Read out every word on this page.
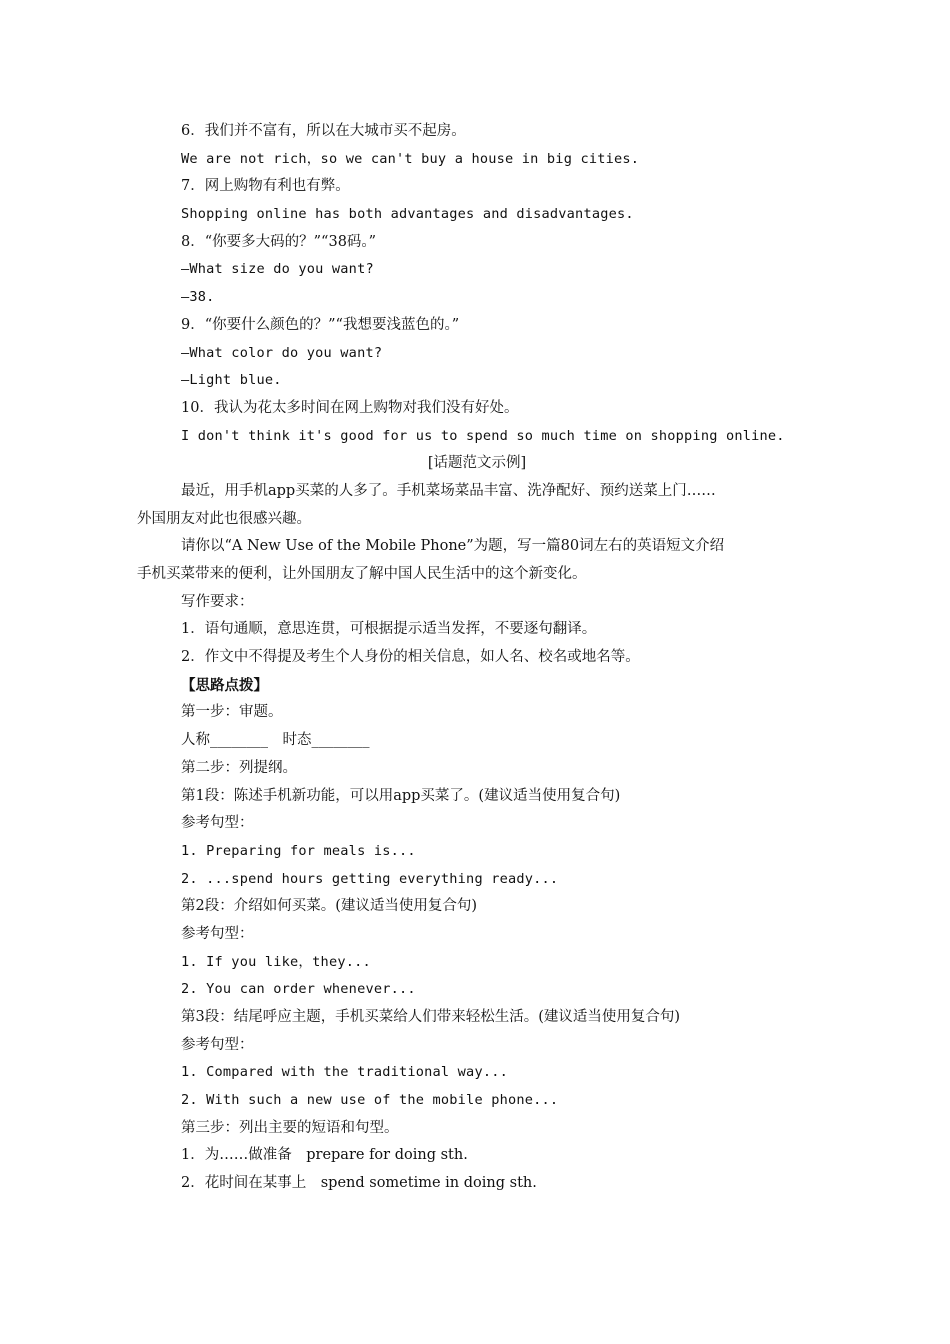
6．我们并不富有，所以在大城市买不起房。
We are not rich，so we can't buy a house in big cities.
7．网上购物有利也有弊。
Shopping online has both advantages and disadvantages.
8．“你要多大码的？”“38码。”
—What size do you want?
—38.
9．“你要什么颜色的？”“我想要浅蓝色的。”
—What color do you want?
—Light blue.
10．我认为花太多时间在网上购物对我们没有好处。
I don't think it's good for us to spend so much time on shopping online.
[话题范文示例]
最近，用手机app买菜的人多了。手机菜场菜品丰富、洗净配好、预约送菜上门……
外国朋友对此也很感兴趣。
请你以“A New Use of the Mobile Phone”为题，写一篇80词左右的英语短文介绍
手机买菜带来的便利，让外国朋友了解中国人民生活中的这个新变化。
写作要求：
1．语句通顺，意思连贯，可根据提示适当发挥，不要逐句翻译。
2．作文中不得提及考生个人身份的相关信息，如人名、校名或地名等。
【思路点拨】
第一步：审题。
人称________　时态________
第二步：列提纲。
第1段：陈述手机新功能，可以用app买菜了。(建议适当使用复合句)
参考句型：
1. Preparing for meals is...
2. ...spend hours getting everything ready...
第2段：介绍如何买菜。(建议适当使用复合句)
参考句型：
1. If you like，they...
2. You can order whenever...
第3段：结尾呼应主题，手机买菜给人们带来轻松生活。(建议适当使用复合句)
参考句型：
1. Compared with the traditional way...
2. With such a new use of the mobile phone...
第三步：列出主要的短语和句型。
1．为……做准备　prepare for doing sth.
2．花时间在某事上　spend sometime in doing sth.
